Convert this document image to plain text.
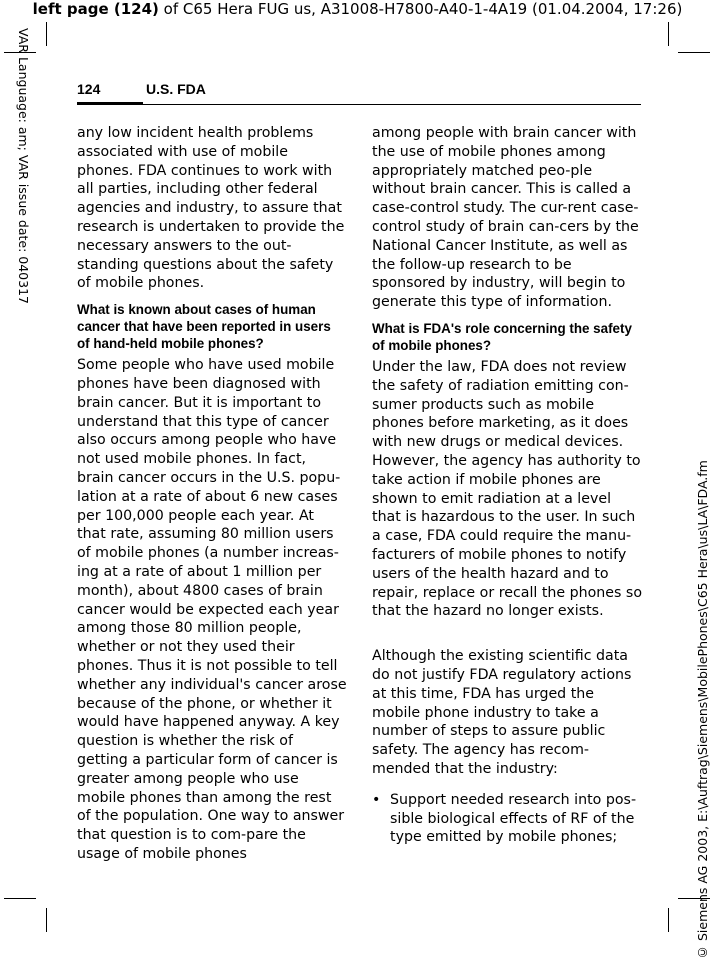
left page (124) of C65 Hera FUG us, A31008-H7800-A40-1-4A19 (01.04.2004, 17:26)
VAR Language: am; VAR issue date: 040317
© Siemens AG 2003, E:\Auftrag\Siemens\MobilePhones\C65 Hera\us\LA\FDA.fm
124	U.S. FDA

any low incident health problems associated with use of mobile phones. FDA continues to work with all parties, including other federal agencies and industry, to assure that research is undertaken to provide the necessary answers to the out-standing questions about the safety of mobile phones.

What is known about cases of human cancer that have been reported in users of hand-held mobile phones?

Some people who have used mobile phones have been diagnosed with brain cancer. But it is important to understand that this type of cancer also occurs among people who have not used mobile phones. In fact, brain cancer occurs in the U.S. popu-lation at a rate of about 6 new cases per 100,000 people each year. At that rate, assuming 80 million users of mobile phones (a number increas-ing at a rate of about 1 million per month), about 4800 cases of brain cancer would be expected each year among those 80 million people, whether or not they used their phones. Thus it is not possible to tell whether any individual's cancer arose because of the phone, or whether it would have happened anyway. A key question is whether the risk of getting a particular form of cancer is greater among people who use mobile phones than among the rest of the population. One way to answer that question is to com-pare the usage of mobile phones

among people with brain cancer with the use of mobile phones among appropriately matched peo-ple without brain cancer. This is called a case-control study. The cur-rent case-control study of brain can-cers by the National Cancer Institute, as well as the follow-up research to be sponsored by industry, will begin to generate this type of information.

What is FDA's role concerning the safety of mobile phones?

Under the law, FDA does not review the safety of radiation emitting con-sumer products such as mobile phones before marketing, as it does with new drugs or medical devices. However, the agency has authority to take action if mobile phones are shown to emit radiation at a level that is hazardous to the user. In such a case, FDA could require the manu-facturers of mobile phones to notify users of the health hazard and to repair, replace or recall the phones so that the hazard no longer exists.

Although the existing scientific data do not justify FDA regulatory actions at this time, FDA has urged the mobile phone industry to take a number of steps to assure public safety. The agency has recom-mended that the industry:

• Support needed research into pos-sible biological effects of RF of the type emitted by mobile phones;
